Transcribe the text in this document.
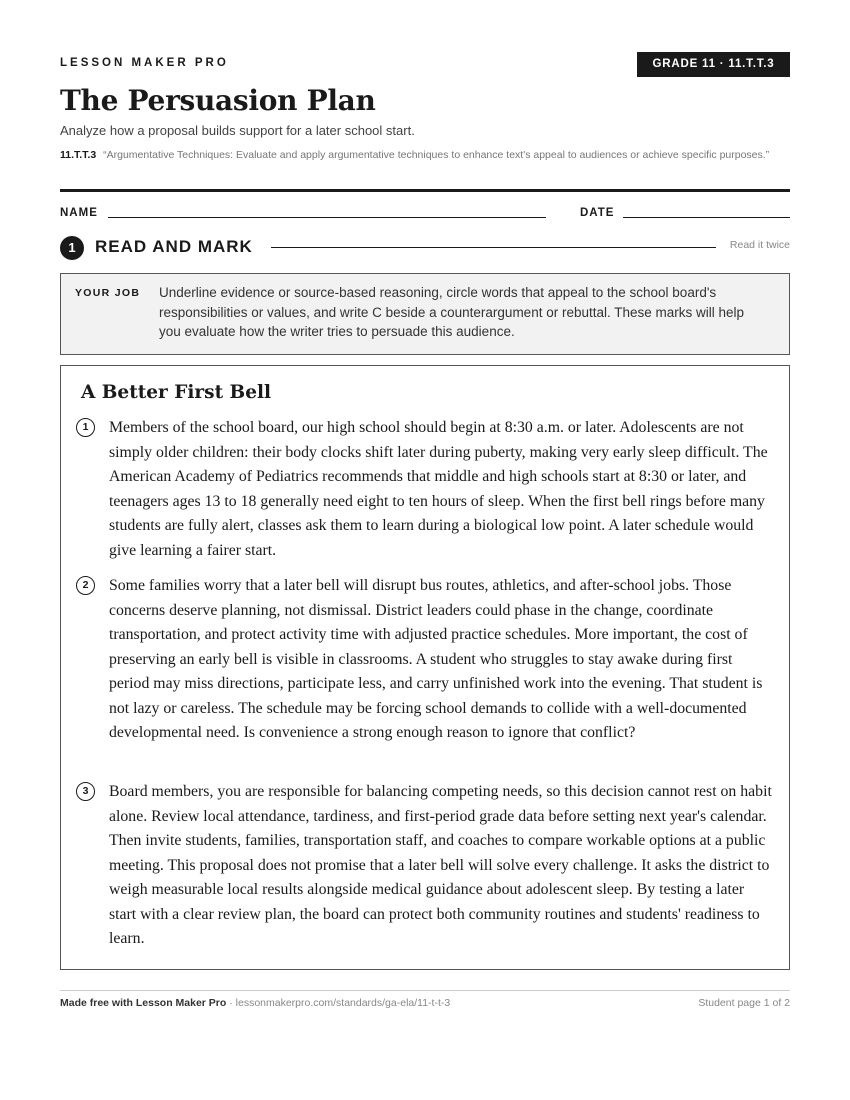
LESSON MAKER PRO	GRADE 11 · 11.T.T.3
The Persuasion Plan
Analyze how a proposal builds support for a later school start.
11.T.T.3 “Argumentative Techniques: Evaluate and apply argumentative techniques to enhance text's appeal to audiences or achieve specific purposes.”
NAME	DATE
1	READ AND MARK	Read it twice
YOUR JOB Underline evidence or source-based reasoning, circle words that appeal to the school board's responsibilities or values, and write C beside a counterargument or rebuttal. These marks will help you evaluate how the writer tries to persuade this audience.
A Better First Bell
1	Members of the school board, our high school should begin at 8:30 a.m. or later. Adolescents are not simply older children: their body clocks shift later during puberty, making very early sleep difficult. The American Academy of Pediatrics recommends that middle and high schools start at 8:30 or later, and teenagers ages 13 to 18 generally need eight to ten hours of sleep. When the first bell rings before many students are fully alert, classes ask them to learn during a biological low point. A later schedule would give learning a fairer start.

2	Some families worry that a later bell will disrupt bus routes, athletics, and after-school jobs. Those concerns deserve planning, not dismissal. District leaders could phase in the change, coordinate transportation, and protect activity time with adjusted practice schedules. More important, the cost of preserving an early bell is visible in classrooms. A student who struggles to stay awake during first period may miss directions, participate less, and carry unfinished work into the evening. That student is not lazy or careless. The schedule may be forcing school demands to collide with a well-documented developmental need. Is convenience a strong enough reason to ignore that conflict?

3	Board members, you are responsible for balancing competing needs, so this decision cannot rest on habit alone. Review local attendance, tardiness, and first-period grade data before setting next year's calendar. Then invite students, families, transportation staff, and coaches to compare workable options at a public meeting. This proposal does not promise that a later bell will solve every challenge. It asks the district to weigh measurable local results alongside medical guidance about adolescent sleep. By testing a later start with a clear review plan, the board can protect both community routines and students' readiness to learn.

Made free with Lesson Maker Pro · lessonmakerpro.com/standards/ga-ela/11-t-t-3	Student page 1 of 2
